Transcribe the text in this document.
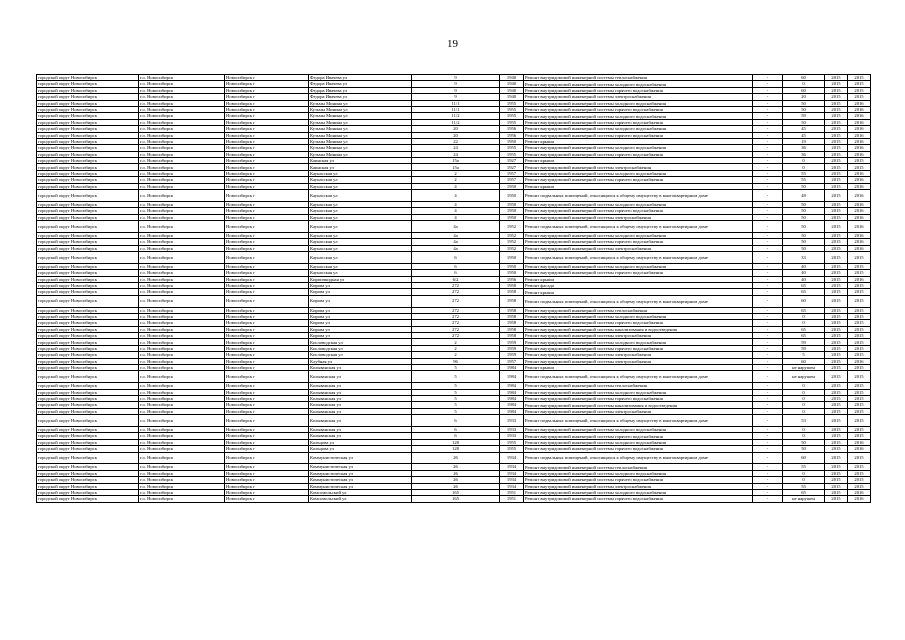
19
городской округ Новосибирск	г.о. Новосибирск	Новосибирск г	Федора Ивачева ул	9	1940	Ремонт внутридомовой инженерной системы теплоснабжения	-	60	2015	2015
городской округ Новосибирск	г.о. Новосибирск	Новосибирск г	Федора Ивачева ул	9	1940	Ремонт внутридомовой инженерной системы холодного водоснабжения	-	0	2015	2015
городской округ Новосибирск	г.о. Новосибирск	Новосибирск г	Федора Ивачева ул	9	1940	Ремонт внутридомовой инженерной системы горячего водоснабжения	-	60	2015	2015
городской округ Новосибирск	г.о. Новосибирск	Новосибирск г	Федора Ивачева ул	9	1940	Ремонт внутридомовой инженерной системы электроснабжения	-	20	2015	2015
городской округ Новосибирск	г.о. Новосибирск	Новосибирск г	Кузьмы Минина ул	11/1	1955	Ремонт внутридомовой инженерной системы холодного водоснабжения	-	50	2015	2016
городской округ Новосибирск	г.о. Новосибирск	Новосибирск г	Кузьмы Минина ул	11/1	1955	Ремонт внутридомовой инженерной системы горячего водоснабжения	-	50	2015	2016
городской округ Новосибирск	г.о. Новосибирск	Новосибирск г	Кузьмы Минина ул	11/2	1955	Ремонт внутридомовой инженерной системы холодного водоснабжения	-	59	2015	2016
городской округ Новосибирск	г.о. Новосибирск	Новосибирск г	Кузьмы Минина ул	11/2	1955	Ремонт внутридомовой инженерной системы горячего водоснабжения	-	50	2015	2016
городской округ Новосибирск	г.о. Новосибирск	Новосибирск г	Кузьмы Минина ул	20	1956	Ремонт внутридомовой инженерной системы холодного водоснабжения	-	45	2015	2016
городской округ Новосибирск	г.о. Новосибирск	Новосибирск г	Кузьмы Минина ул	20	1956	Ремонт внутридомовой инженерной системы горячего водоснабжения	-	45	2015	2016
городской округ Новосибирск	г.о. Новосибирск	Новосибирск г	Кузьмы Минина ул	22	1950	Ремонт крыши	-	19	2015	2016
городской округ Новосибирск	г.о. Новосибирск	Новосибирск г	Кузьмы Минина ул	24	1955	Ремонт внутридомовой инженерной системы холодного водоснабжения	-	36	2015	2016
городской округ Новосибирск	г.о. Новосибирск	Новосибирск г	Кузьмы Минина ул	24	1955	Ремонт внутридомовой инженерной системы горячего водоснабжения	-	36	2015	2016
городской округ Новосибирск	г.о. Новосибирск	Новосибирск г	Каинская ул	15а	1927	Ремонт крыши	-	0	2015	2015
городской округ Новосибирск	г.о. Новосибирск	Новосибирск г	Каинская ул	15а	1927	Ремонт внутридомовой инженерной системы электроснабжения	-	0	2015	2015
городской округ Новосибирск	г.о. Новосибирск	Новосибирск г	Каунасская ул	2	1957	Ремонт внутридомовой инженерной системы холодного водоснабжения	-	55	2015	2016
городской округ Новосибирск	г.о. Новосибирск	Новосибирск г	Каунасская ул	2	1957	Ремонт внутридомовой инженерной системы горячего водоснабжения	-	55	2015	2016
городской округ Новосибирск	г.о. Новосибирск	Новосибирск г	Каунасская ул	4	1950	Ремонт крыши	-	50	2015	2016
городской округ Новосибирск	г.о. Новосибирск	Новосибирск г	Каунасская ул	4	1950	Ремонт подвальных помещений, относящихся к общему имуществу в многоквартирном доме	-	48	2015	2016
городской округ Новосибирск	г.о. Новосибирск	Новосибирск г	Каунасская ул	4	1950	Ремонт внутридомовой инженерной системы холодного водоснабжения	-	50	2015	2016
городской округ Новосибирск	г.о. Новосибирск	Новосибирск г	Каунасская ул	4	1950	Ремонт внутридомовой инженерной системы горячего водоснабжения	-	50	2015	2016
городской округ Новосибирск	г.о. Новосибирск	Новосибирск г	Каунасская ул	4	1950	Ремонт внутридомовой инженерной системы электроснабжения	-	50	2015	2016
городской округ Новосибирск	г.о. Новосибирск	Новосибирск г	Каунасская ул	4а	1952	Ремонт подвальных помещений, относящихся к общему имуществу в многоквартирном доме	-	50	2015	2016
городской округ Новосибирск	г.о. Новосибирск	Новосибирск г	Каунасская ул	4а	1952	Ремонт внутридомовой инженерной системы холодного водоснабжения	-	50	2015	2016
городской округ Новосибирск	г.о. Новосибирск	Новосибирск г	Каунасская ул	4а	1952	Ремонт внутридомовой инженерной системы горячего водоснабжения	-	50	2015	2016
городской округ Новосибирск	г.о. Новосибирск	Новосибирск г	Каунасская ул	4а	1952	Ремонт внутридомовой инженерной системы электроснабжения	-	50	2015	2016
городской округ Новосибирск	г.о. Новосибирск	Новосибирск г	Каунасская ул	6	1950	Ремонт подвальных помещений, относящихся к общему имуществу в многоквартирном доме	-	33	2015	2015
городской округ Новосибирск	г.о. Новосибирск	Новосибирск г	Каунасская ул	6	1950	Ремонт внутридомовой инженерной системы холодного водоснабжения	-	40	2015	2015
городской округ Новосибирск	г.о. Новосибирск	Новосибирск г	Каунасская ул	6	1950	Ремонт внутридомовой инженерной системы горячего водоснабжения	-	40	2015	2015
городской округ Новосибирск	г.о. Новосибирск	Новосибирск г	Кирпичкидная ул	6/2	1956	Ремонт крыши	-	40	2015	2016
городской округ Новосибирск	г.о. Новосибирск	Новосибирск г	Кирова ул	272	1958	Ремонт фасада	-	65	2015	2015
городской округ Новосибирск	г.о. Новосибирск	Новосибирск г	Кирова ул	272	1958	Ремонт крыши	-	65	2015	2015
городской округ Новосибирск	г.о. Новосибирск	Новосибирск г	Кирова ул	272	1958	Ремонт подвальных помещений, относящихся к общему имуществу в многоквартирном доме	-	60	2015	2015
городской округ Новосибирск	г.о. Новосибирск	Новосибирск г	Кирова ул	272	1958	Ремонт внутридомовой инженерной системы теплоснабжения	-	65	2015	2015
городской округ Новосибирск	г.о. Новосибирск	Новосибирск г	Кирова ул	272	1958	Ремонт внутридомовой инженерной системы холодного водоснабжения	-	0	2015	2015
городской округ Новосибирск	г.о. Новосибирск	Новосибирск г	Кирова ул	272	1958	Ремонт внутридомовой инженерной системы горячего водоснабжения	-	0	2015	2015
городской округ Новосибирск	г.о. Новосибирск	Новосибирск г	Кирова ул	272	1958	Ремонт внутридомовой инженерной системы канализования и водоотведения	-	65	2015	2015
городской округ Новосибирск	г.о. Новосибирск	Новосибирск г	Кирова ул	272	1958	Ремонт внутридомовой инженерной системы электроснабжения	-	65	2015	2015
городской округ Новосибирск	г.о. Новосибирск	Новосибирск г	Кисловодская ул	2	1959	Ремонт внутридомовой инженерной системы холодного водоснабжения	-	59	2015	2015
городской округ Новосибирск	г.о. Новосибирск	Новосибирск г	Кисловодская ул	2	1959	Ремонт внутридомовой инженерной системы горячего водоснабжения	-	59	2015	2015
городской округ Новосибирск	г.о. Новосибирск	Новосибирск г	Кисловодская ул	2	1959	Ремонт внутридомовой инженерной системы электроснабжения	-	5	2015	2015
городской округ Новосибирск	г.о. Новосибирск	Новосибирск г	Клубная ул	96	1957	Ремонт внутридомовой инженерной системы электроснабжения	-	60	2015	2016
городской округ Новосибирск	г.о. Новосибирск	Новосибирск г	Колыванская ул	5	1984	Ремонт крыши	-	не нарушен	2015	2015
городской округ Новосибирск	г.о. Новосибирск	Новосибирск г	Колыванская ул	5	1984	Ремонт подвальных помещений, относящихся к общему имуществу в многоквартирном доме	-	не нарушен	2015	2015
городской округ Новосибирск	г.о. Новосибирск	Новосибирск г	Колыванская ул	5	1984	Ремонт внутридомовой инженерной системы теплоснабжения	-	0	2015	2015
городской округ Новосибирск	г.о. Новосибирск	Новосибирск г	Колыванская ул	5	1984	Ремонт внутридомовой инженерной системы холодного водоснабжения	-	0	2015	2015
городской округ Новосибирск	г.о. Новосибирск	Новосибирск г	Колыванская ул	5	1984	Ремонт внутридомовой инженерной системы горячего водоснабжения	-	0	2015	2015
городской округ Новосибирск	г.о. Новосибирск	Новосибирск г	Колыванская ул	5	1984	Ремонт внутридомовой инженерной системы канализования и водоотведения	-	0	2015	2015
городской округ Новосибирск	г.о. Новосибирск	Новосибирск г	Колыванская ул	5	1984	Ремонт внутридомовой инженерной системы электроснабжения	-	0	2015	2015
городской округ Новосибирск	г.о. Новосибирск	Новосибирск г	Колыванская ул	6	1933	Ремонт подвальных помещений, относящихся к общему имуществу в многоквартирном доме	-	53	2015	2015
городской округ Новосибирск	г.о. Новосибирск	Новосибирск г	Колыванская ул	6	1933	Ремонт внутридомовой инженерной системы холодного водоснабжения	-	0	2015	2015
городской округ Новосибирск	г.о. Новосибирск	Новосибирск г	Колыванская ул	6	1933	Ремонт внутридомовой инженерной системы горячего водоснабжения	-	0	2015	2015
городской округ Новосибирск	г.о. Новосибирск	Новосибирск г	Кольцова ул	128	1955	Ремонт внутридомовой инженерной системы холодного водоснабжения	-	50	2015	2016
городской округ Новосибирск	г.о. Новосибирск	Новосибирск г	Кольцова ул	128	1955	Ремонт внутридомовой инженерной системы горячего водоснабжения	-	50	2015	2016
городской округ Новосибирск	г.о. Новосибирск	Новосибирск г	Коммунистическая ул	26	1934	Ремонт подвальных помещений, относящихся к общему имуществу в многоквартирном доме	-	60	2015	2015
городской округ Новосибирск	г.о. Новосибирск	Новосибирск г	Коммунистическая ул	26	1934	Ремонт внутридомовой инженерной системы теплоснабжения	-	55	2015	2015
городской округ Новосибирск	г.о. Новосибирск	Новосибирск г	Коммунистическая ул	26	1934	Ремонт внутридомовой инженерной системы холодного водоснабжения	-	0	2015	2015
городской округ Новосибирск	г.о. Новосибирск	Новосибирск г	Коммунистическая ул	26	1934	Ремонт внутридомовой инженерной системы горячего водоснабжения	-	0	2015	2015
городской округ Новосибирск	г.о. Новосибирск	Новосибирск г	Коммунистическая ул	26	1934	Ремонт внутридомовой инженерной системы электроснабжения	-	55	2015	2015
городской округ Новосибирск	г.о. Новосибирск	Новосибирск г	Комсомольский ул	165	1951	Ремонт внутридомовой инженерной системы холодного водоснабжения	-	65	2015	2016
городской округ Новосибирск	г.о. Новосибирск	Новосибирск г	Комсомольский ул	165	1951	Ремонт внутридомовой инженерной системы горячего водоснабжения	-	не нарушен	2015	2016
